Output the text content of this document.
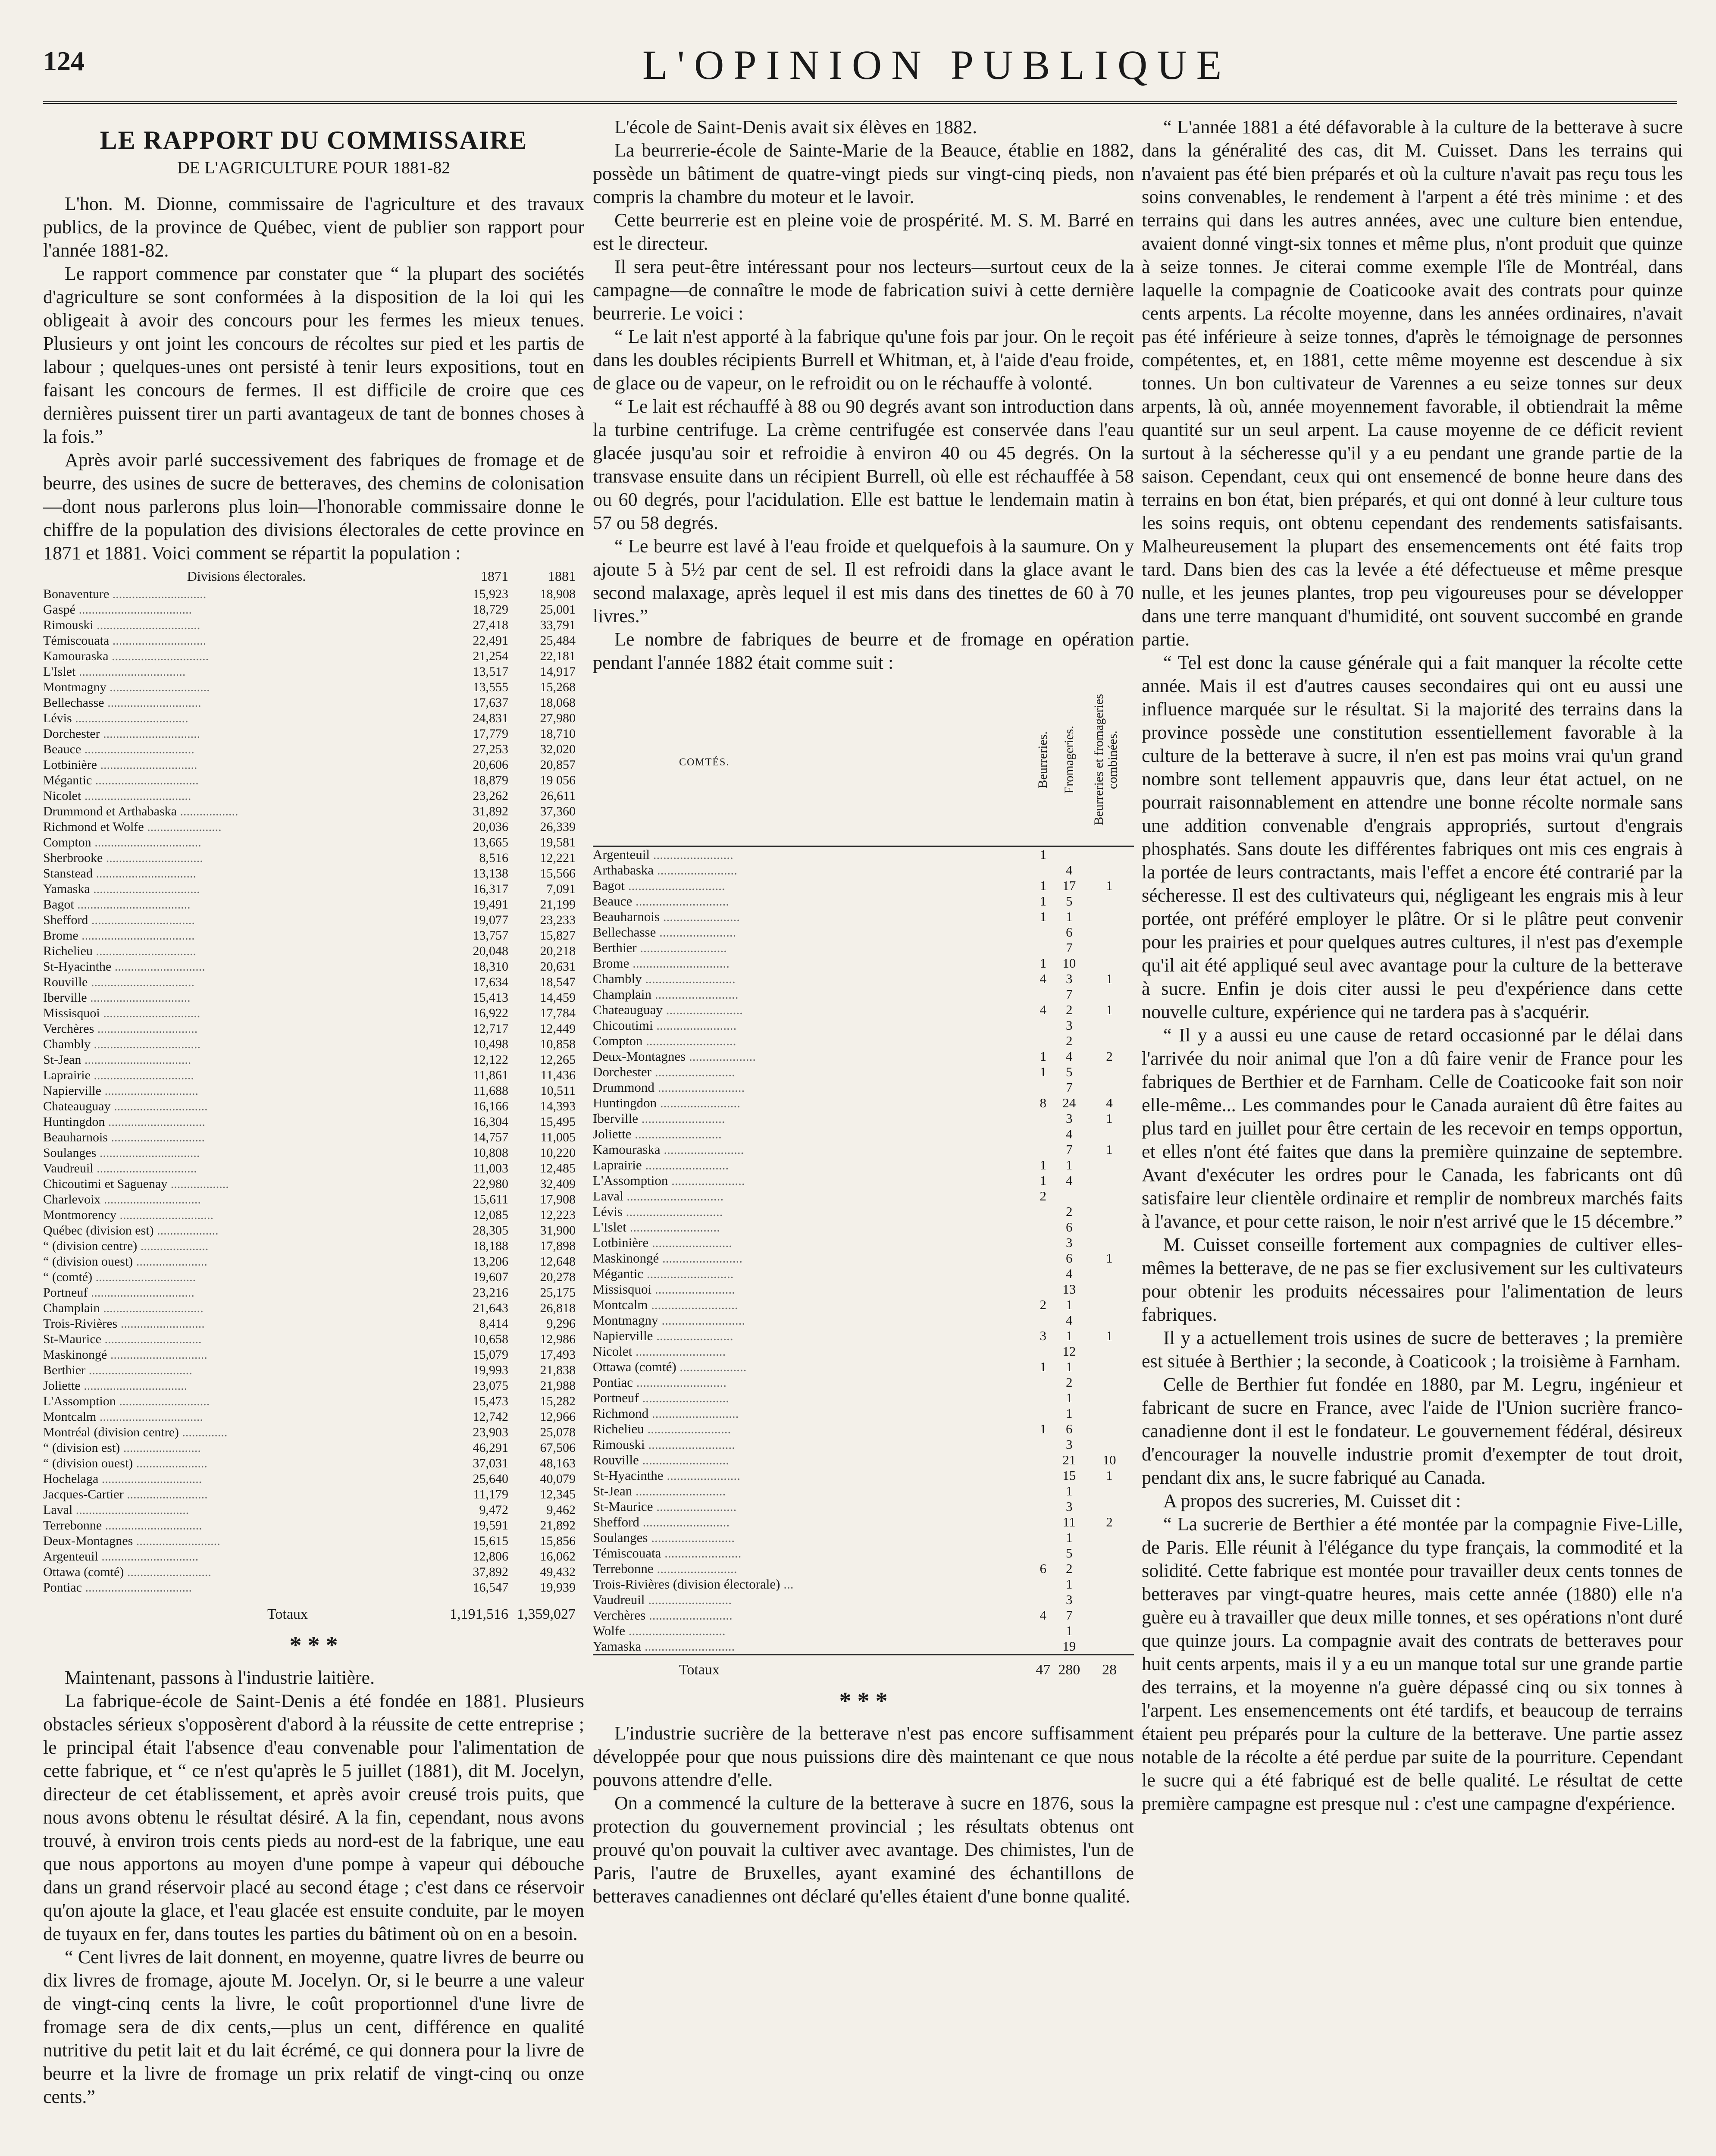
124	L'OPINION PUBLIQUE
LE RAPPORT DU COMMISSAIRE
DE L'AGRICULTURE POUR 1881-82

L'hon. M. Dionne, commissaire de l'agriculture et des travaux publics, de la province de Québec, vient de publier son rapport pour l'année 1881-82.

Le rapport commence par constater que “ la plupart des sociétés d'agriculture se sont conformées à la disposition de la loi qui les obligeait à avoir des concours pour les fermes les mieux tenues. Plusieurs y ont joint les concours de récoltes sur pied et les partis de labour ; quelques-unes ont persisté à tenir leurs expositions, tout en faisant les concours de fermes. Il est difficile de croire que ces dernières puissent tirer un parti avantageux de tant de bonnes choses à la fois.”

Après avoir parlé successivement des fabriques de fromage et de beurre, des usines de sucre de betteraves, des chemins de colonisation—dont nous parlerons plus loin—l'honorable commissaire donne le chiffre de la population des divisions électorales de cette province en 1871 et 1881. Voici comment se répartit la population :

Divisions électorales.	1871	1881
Bonaventure .............................	15,923	18,908
Gaspé ...................................	18,729	25,001
Rimouski ................................	27,418	33,791
Témiscouata .............................	22,491	25,484
Kamouraska ..............................	21,254	22,181
L'Islet .................................	13,517	14,917
Montmagny ...............................	13,555	15,268
Bellechasse .............................	17,637	18,068
Lévis ...................................	24,831	27,980
Dorchester ..............................	17,779	18,710
Beauce ..................................	27,253	32,020
Lotbinière ..............................	20,606	20,857
Mégantic ................................	18,879	19 056
Nicolet .................................	23,262	26,611
Drummond et Arthabaska ..................	31,892	37,360
Richmond et Wolfe .......................	20,036	26,339
Compton .................................	13,665	19,581
Sherbrooke ..............................	8,516	12,221
Stanstead ...............................	13,138	15,566
Yamaska .................................	16,317	7,091
Bagot ...................................	19,491	21,199
Shefford ................................	19,077	23,233
Brome ...................................	13,757	15,827
Richelieu ...............................	20,048	20,218
St-Hyacinthe ............................	18,310	20,631
Rouville ................................	17,634	18,547
Iberville ...............................	15,413	14,459
Missisquoi ..............................	16,922	17,784
Verchères ...............................	12,717	12,449
Chambly .................................	10,498	10,858
St-Jean .................................	12,122	12,265
Laprairie ...............................	11,861	11,436
Napierville .............................	11,688	10,511
Chateauguay .............................	16,166	14,393
Huntingdon ..............................	16,304	15,495
Beauharnois .............................	14,757	11,005
Soulanges ...............................	10,808	10,220
Vaudreuil ...............................	11,003	12,485
Chicoutimi et Saguenay ..................	22,980	32,409
Charlevoix ..............................	15,611	17,908
Montmorency .............................	12,085	12,223
Québec (division est) ...................	28,305	31,900
“ (division centre) .....................	18,188	17,898
“ (division ouest) ......................	13,206	12,648
“ (comté) ...............................	19,607	20,278
Portneuf ................................	23,216	25,175
Champlain ...............................	21,643	26,818
Trois-Rivières ..........................	8,414	9,296
St-Maurice ..............................	10,658	12,986
Maskinongé ..............................	15,079	17,493
Berthier ................................	19,993	21,838
Joliette ................................	23,075	21,988
L'Assomption ............................	15,473	15,282
Montcalm ................................	12,742	12,966
Montréal (division centre) ..............	23,903	25,078
“ (division est) ........................	46,291	67,506
“ (division ouest) ......................	37,031	48,163
Hochelaga ...............................	25,640	40,079
Jacques-Cartier .........................	11,179	12,345
Laval ...................................	9,472	9,462
Terrebonne ..............................	19,591	21,892
Deux-Montagnes ..........................	15,615	15,856
Argenteuil ..............................	12,806	16,062
Ottawa (comté) ..........................	37,892	49,432
Pontiac .................................	16,547	19,939
Totaux	1,191,516	1,359,027
* * *

Maintenant, passons à l'industrie laitière.

La fabrique-école de Saint-Denis a été fondée en 1881. Plusieurs obstacles sérieux s'opposèrent d'abord à la réussite de cette entreprise ; le principal était l'absence d'eau convenable pour l'alimentation de cette fabrique, et “ ce n'est qu'après le 5 juillet (1881), dit M. Jocelyn, directeur de cet établissement, et après avoir creusé trois puits, que nous avons obtenu le résultat désiré. A la fin, cependant, nous avons trouvé, à environ trois cents pieds au nord-est de la fabrique, une eau que nous apportons au moyen d'une pompe à vapeur qui débouche dans un grand réservoir placé au second étage ; c'est dans ce réservoir qu'on ajoute la glace, et l'eau glacée est ensuite conduite, par le moyen de tuyaux en fer, dans toutes les parties du bâtiment où on en a besoin.

“ Cent livres de lait donnent, en moyenne, quatre livres de beurre ou dix livres de fromage, ajoute M. Jocelyn. Or, si le beurre a une valeur de vingt-cinq cents la livre, le coût proportionnel d'une livre de fromage sera de dix cents,—plus un cent, différence en qualité nutritive du petit lait et du lait écrémé, ce qui donnera pour la livre de beurre et la livre de fromage un prix relatif de vingt-cinq ou onze cents.”

L'école de Saint-Denis avait six élèves en 1882.

La beurrerie-école de Sainte-Marie de la Beauce, établie en 1882, possède un bâtiment de quatre-vingt pieds sur vingt-cinq pieds, non compris la chambre du moteur et le lavoir.

Cette beurrerie est en pleine voie de prospérité. M. S. M. Barré en est le directeur.

Il sera peut-être intéressant pour nos lecteurs—surtout ceux de la campagne—de connaître le mode de fabrication suivi à cette dernière beurrerie. Le voici :

“ Le lait n'est apporté à la fabrique qu'une fois par jour. On le reçoit dans les doubles récipients Burrell et Whitman, et, à l'aide d'eau froide, de glace ou de vapeur, on le refroidit ou on le réchauffe à volonté.

“ Le lait est réchauffé à 88 ou 90 degrés avant son introduction dans la turbine centrifuge. La crème centrifugée est conservée dans l'eau glacée jusqu'au soir et refroidie à environ 40 ou 45 degrés. On la transvase ensuite dans un récipient Burrell, où elle est réchauffée à 58 ou 60 degrés, pour l'acidulation. Elle est battue le lendemain matin à 57 ou 58 degrés.

“ Le beurre est lavé à l'eau froide et quelquefois à la saumure. On y ajoute 5 à 5½ par cent de sel. Il est refroidi dans la glace avant le second malaxage, après lequel il est mis dans des tinettes de 60 à 70 livres.”

Le nombre de fabriques de beurre et de fromage en opération pendant l'année 1882 était comme suit :

COMTÉS.	Beurreries.	Fromageries.	Beurreries et fromageries combinées.
Argenteuil ........................	1		
Arthabaska ........................		4	
Bagot .............................	1	17	1
Beauce ............................	1	5	
Beauharnois .......................	1	1	
Bellechasse .......................		6	
Berthier ..........................		7	
Brome .............................	1	10	
Chambly ...........................	4	3	1
Champlain .........................		7	
Chateauguay .......................	4	2	1
Chicoutimi ........................		3	
Compton ...........................		2	
Deux-Montagnes ....................	1	4	2
Dorchester ........................	1	5	
Drummond ..........................		7	
Huntingdon ........................	8	24	4
Iberville .........................		3	1
Joliette ..........................		4	
Kamouraska ........................		7	1
Laprairie .........................	1	1	
L'Assomption ......................	1	4	
Laval .............................	2		
Lévis .............................		2	
L'Islet ...........................		6	
Lotbinière ........................		3	
Maskinongé ........................		6	1
Mégantic ..........................		4	
Missisquoi ........................		13	
Montcalm ..........................	2	1	
Montmagny .........................		4	
Napierville .......................	3	1	1
Nicolet ...........................		12	
Ottawa (comté) ....................	1	1	
Pontiac ...........................		2	
Portneuf ..........................		1	
Richmond ..........................		1	
Richelieu .........................	1	6	
Rimouski ..........................		3	
Rouville ..........................		21	10
St-Hyacinthe ......................		15	1
St-Jean ...........................		1	
St-Maurice ........................		3	
Shefford ..........................		11	2
Soulanges .........................		1	
Témiscouata .......................		5	
Terrebonne ........................	6	2	
Trois-Rivières (division électorale) ...		1	
Vaudreuil .........................		3	
Verchères .........................	4	7	
Wolfe .............................		1	
Yamaska ...........................		19	
Totaux	47	280	28
* * *

L'industrie sucrière de la betterave n'est pas encore suffisamment développée pour que nous puissions dire dès maintenant ce que nous pouvons attendre d'elle.

On a commencé la culture de la betterave à sucre en 1876, sous la protection du gouvernement provincial ; les résultats obtenus ont prouvé qu'on pouvait la cultiver avec avantage. Des chimistes, l'un de Paris, l'autre de Bruxelles, ayant examiné des échantillons de betteraves canadiennes ont déclaré qu'elles étaient d'une bonne qualité.

“ L'année 1881 a été défavorable à la culture de la betterave à sucre dans la généralité des cas, dit M. Cuisset. Dans les terrains qui n'avaient pas été bien préparés et où la culture n'avait pas reçu tous les soins convenables, le rendement à l'arpent a été très minime : et des terrains qui dans les autres années, avec une culture bien entendue, avaient donné vingt-six tonnes et même plus, n'ont produit que quinze à seize tonnes. Je citerai comme exemple l'île de Montréal, dans laquelle la compagnie de Coaticooke avait des contrats pour quinze cents arpents. La récolte moyenne, dans les années ordinaires, n'avait pas été inférieure à seize tonnes, d'après le témoignage de personnes compétentes, et, en 1881, cette même moyenne est descendue à six tonnes. Un bon cultivateur de Varennes a eu seize tonnes sur deux arpents, là où, année moyennement favorable, il obtiendrait la même quantité sur un seul arpent. La cause moyenne de ce déficit revient surtout à la sécheresse qu'il y a eu pendant une grande partie de la saison. Cependant, ceux qui ont ensemencé de bonne heure dans des terrains en bon état, bien préparés, et qui ont donné à leur culture tous les soins requis, ont obtenu cependant des rendements satisfaisants. Malheureusement la plupart des ensemencements ont été faits trop tard. Dans bien des cas la levée a été défectueuse et même presque nulle, et les jeunes plantes, trop peu vigoureuses pour se développer dans une terre manquant d'humidité, ont souvent succombé en grande partie.

“ Tel est donc la cause générale qui a fait manquer la récolte cette année. Mais il est d'autres causes secondaires qui ont eu aussi une influence marquée sur le résultat. Si la majorité des terrains dans la province possède une constitution essentiellement favorable à la culture de la betterave à sucre, il n'en est pas moins vrai qu'un grand nombre sont tellement appauvris que, dans leur état actuel, on ne pourrait raisonnablement en attendre une bonne récolte normale sans une addition convenable d'engrais appropriés, surtout d'engrais phosphatés. Sans doute les différentes fabriques ont mis ces engrais à la portée de leurs contractants, mais l'effet a encore été contrarié par la sécheresse. Il est des cultivateurs qui, négligeant les engrais mis à leur portée, ont préféré employer le plâtre. Or si le plâtre peut convenir pour les prairies et pour quelques autres cultures, il n'est pas d'exemple qu'il ait été appliqué seul avec avantage pour la culture de la betterave à sucre. Enfin je dois citer aussi le peu d'expérience dans cette nouvelle culture, expérience qui ne tardera pas à s'acquérir.

“ Il y a aussi eu une cause de retard occasionné par le délai dans l'arrivée du noir animal que l'on a dû faire venir de France pour les fabriques de Berthier et de Farnham. Celle de Coaticooke fait son noir elle-même... Les commandes pour le Canada auraient dû être faites au plus tard en juillet pour être certain de les recevoir en temps opportun, et elles n'ont été faites que dans la première quinzaine de septembre. Avant d'exécuter les ordres pour le Canada, les fabricants ont dû satisfaire leur clientèle ordinaire et remplir de nombreux marchés faits à l'avance, et pour cette raison, le noir n'est arrivé que le 15 décembre.”

M. Cuisset conseille fortement aux compagnies de cultiver elles-mêmes la betterave, de ne pas se fier exclusivement sur les cultivateurs pour obtenir les produits nécessaires pour l'alimentation de leurs fabriques.

Il y a actuellement trois usines de sucre de betteraves ; la première est située à Berthier ; la seconde, à Coaticook ; la troisième à Farnham.

Celle de Berthier fut fondée en 1880, par M. Legru, ingénieur et fabricant de sucre en France, avec l'aide de l'Union sucrière franco-canadienne dont il est le fondateur. Le gouvernement fédéral, désireux d'encourager la nouvelle industrie promit d'exempter de tout droit, pendant dix ans, le sucre fabriqué au Canada.

A propos des sucreries, M. Cuisset dit :

“ La sucrerie de Berthier a été montée par la compagnie Five-Lille, de Paris. Elle réunit à l'élégance du type français, la commodité et la solidité. Cette fabrique est montée pour travailler deux cents tonnes de betteraves par vingt-quatre heures, mais cette année (1880) elle n'a guère eu à travailler que deux mille tonnes, et ses opérations n'ont duré que quinze jours. La compagnie avait des contrats de betteraves pour huit cents arpents, mais il y a eu un manque total sur une grande partie des terrains, et la moyenne n'a guère dépassé cinq ou six tonnes à l'arpent. Les ensemencements ont été tardifs, et beaucoup de terrains étaient peu préparés pour la culture de la betterave. Une partie assez notable de la récolte a été perdue par suite de la pourriture. Cependant le sucre qui a été fabriqué est de belle qualité. Le résultat de cette première campagne est presque nul : c'est une campagne d'expérience.
